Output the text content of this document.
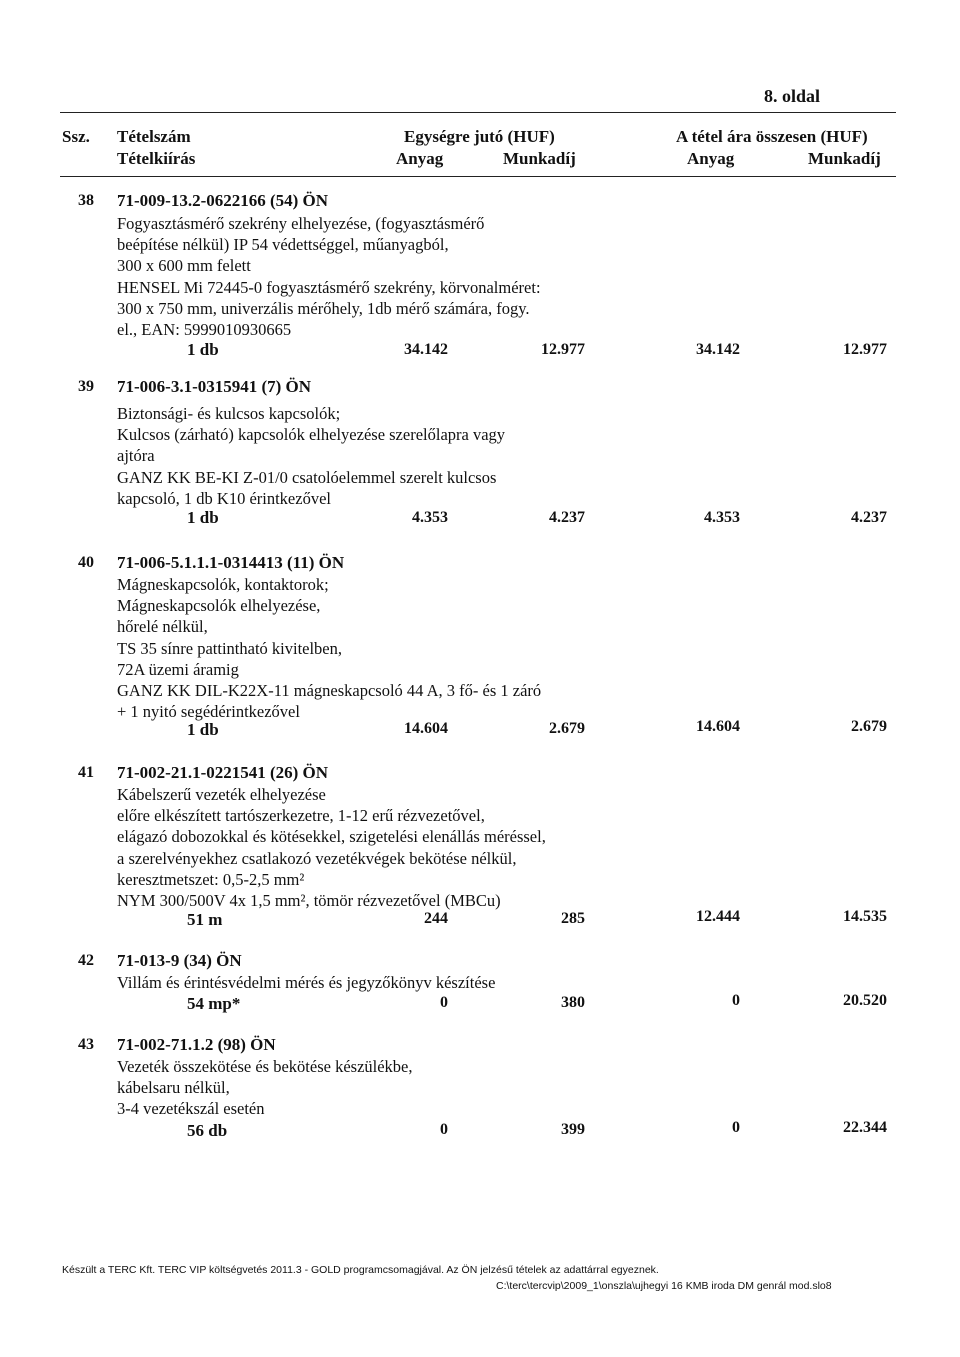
8. oldal
Ssz. Tételszám	Egységre jutó (HUF)	A tétel ára összesen (HUF)
Tételkiírás	Anyag	Munkadíj	Anyag	Munkadíj
38 71-009-13.2-0622166 (54) ÖN
Fogyasztásmérő szekrény elhelyezése, (fogyasztásmérő
beépítése nélkül) IP 54 védettséggel, műanyagból,
300 x 600 mm felett
HENSEL Mi 72445-0 fogyasztásmérő szekrény, körvonalméret:
300 x 750 mm, univerzális mérőhely, 1db mérő számára, fogy.
el., EAN: 5999010930665
1 db	34.142	12.977	34.142	12.977
39 71-006-3.1-0315941 (7) ÖN
Biztonsági- és kulcsos kapcsolók;
Kulcsos (zárható) kapcsolók elhelyezése szerelőlapra vagy
ajtóra
GANZ KK BE-KI Z-01/0 csatolóelemmel szerelt kulcsos
kapcsoló, 1 db K10 érintkezővel
1 db	4.353	4.237	4.353	4.237
40 71-006-5.1.1.1-0314413 (11) ÖN
Mágneskapcsolók, kontaktorok;
Mágneskapcsolók elhelyezése,
hőrelé nélkül,
TS 35 sínre pattintható kivitelben,
72A üzemi áramig
GANZ KK DIL-K22X-11 mágneskapcsoló 44 A, 3 fő- és 1 záró
+ 1 nyitó segédérintkezővel
1 db	14.604	2.679	14.604	2.679
41 71-002-21.1-0221541 (26) ÖN
Kábelszerű vezeték elhelyezése
előre elkészített tartószerkezetre, 1-12 erű rézvezetővel,
elágazó dobozokkal és kötésekkel, szigetelési elenállás méréssel,
a szerelvényekhez csatlakozó vezetékvégek bekötése nélkül,
keresztmetszet: 0,5-2,5 mm²
NYM 300/500V 4x 1,5 mm², tömör rézvezetővel (MBCu)
51 m	244	285	12.444	14.535
42 71-013-9 (34) ÖN
Villám és érintésvédelmi mérés és jegyzőkönyv készítése
54 mp*	0	380	0	20.520
43 71-002-71.1.2 (98) ÖN
Vezeték összekötése és bekötése készülékbe,
kábelsaru nélkül,
3-4 vezetékszál esetén
56 db	0	399	0	22.344
Készült a TERC Kft. TERC VIP költségvetés 2011.3 - GOLD programcsomagjával. Az ÖN jelzésű tételek az adattárral egyeznek.
C:\terc\tercvip\2009_1\onszla\ujhegyi 16 KMB iroda DM genrál mod.slo8
